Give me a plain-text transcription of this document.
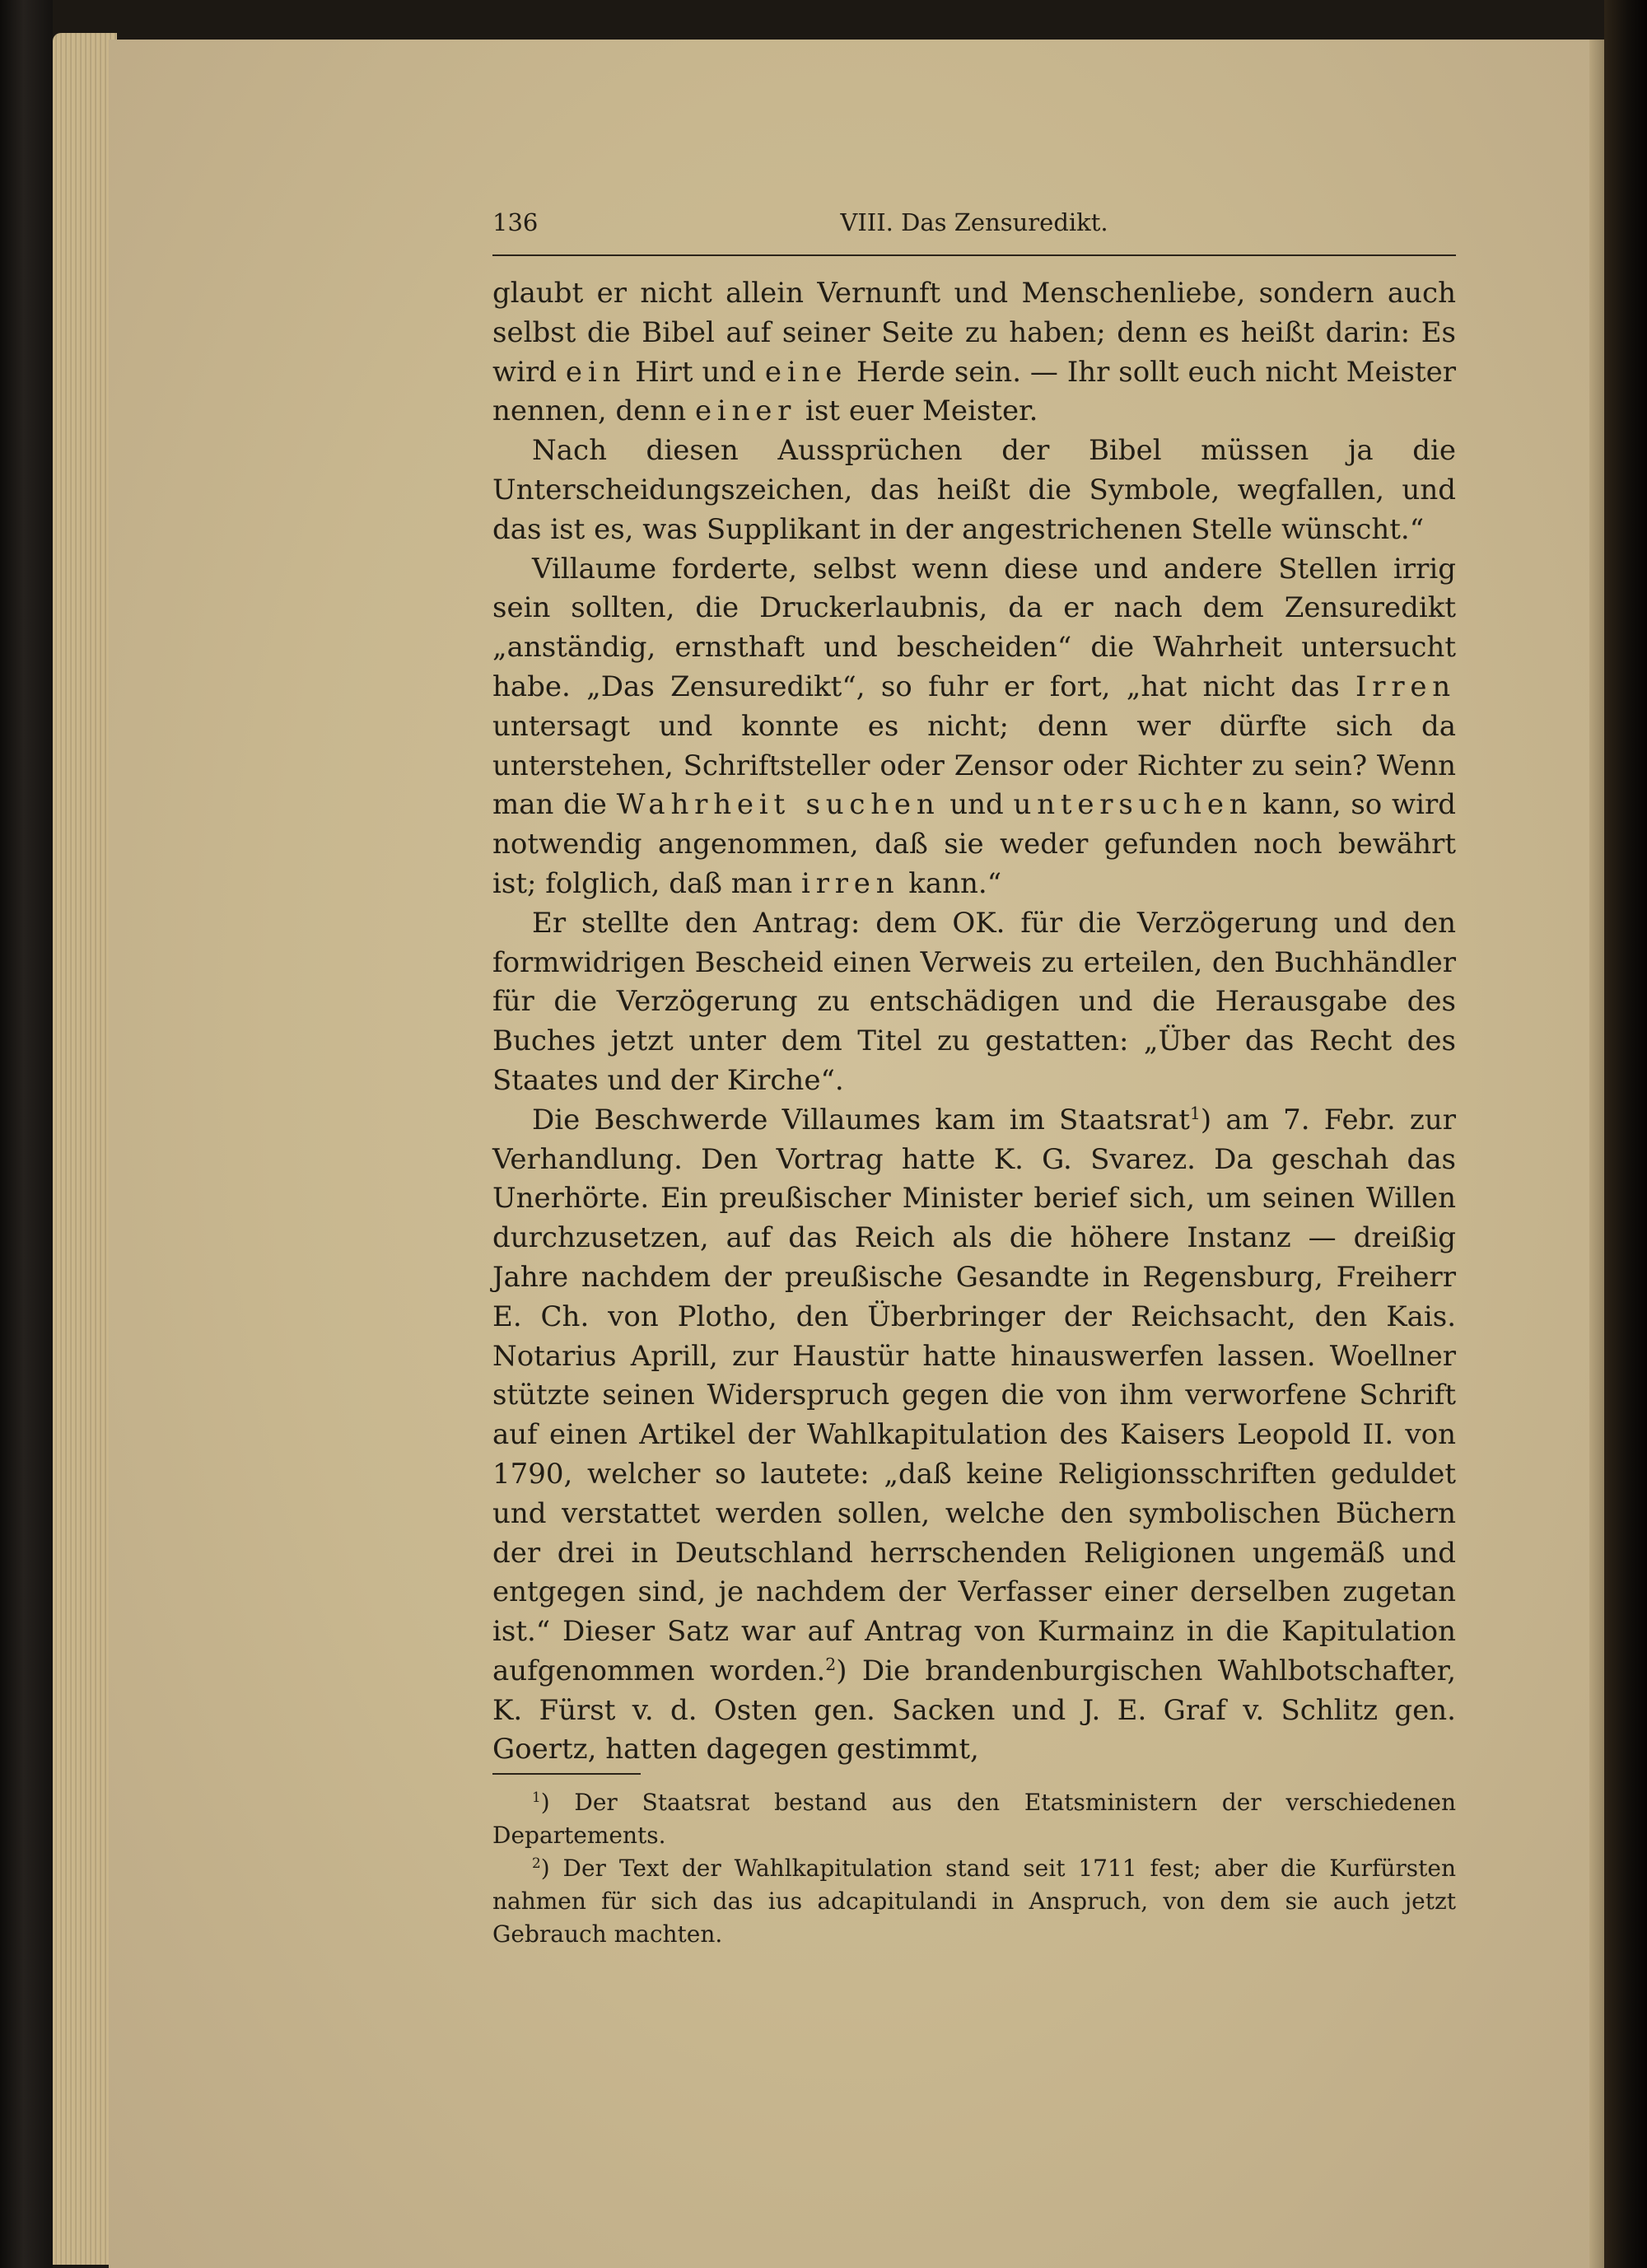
136	VIII. Das Zensuredikt.

glaubt er nicht allein Vernunft und Menschenliebe, sondern auch selbst die Bibel auf seiner Seite zu haben; denn es heißt darin: Es wird ein Hirt und eine Herde sein. — Ihr sollt euch nicht Meister nennen, denn einer ist euer Meister.

Nach diesen Aussprüchen der Bibel müssen ja die Unterscheidungszeichen, das heißt die Symbole, wegfallen, und das ist es, was Supplikant in der angestrichenen Stelle wünscht.“

Villaume forderte, selbst wenn diese und andere Stellen irrig sein sollten, die Druckerlaubnis, da er nach dem Zensuredikt „anständig, ernsthaft und bescheiden“ die Wahrheit untersucht habe. „Das Zensuredikt“, so fuhr er fort, „hat nicht das Irren untersagt und konnte es nicht; denn wer dürfte sich da unterstehen, Schriftsteller oder Zensor oder Richter zu sein? Wenn man die Wahrheit suchen und untersuchen kann, so wird notwendig angenommen, daß sie weder gefunden noch bewährt ist; folglich, daß man irren kann.“

Er stellte den Antrag: dem OK. für die Verzögerung und den formwidrigen Bescheid einen Verweis zu erteilen, den Buchhändler für die Verzögerung zu entschädigen und die Herausgabe des Buches jetzt unter dem Titel zu gestatten: „Über das Recht des Staates und der Kirche“.

Die Beschwerde Villaumes kam im Staatsrat$^1$) am 7. Febr. zur Verhandlung. Den Vortrag hatte K. G. Svarez. Da geschah das Unerhörte. Ein preußischer Minister berief sich, um seinen Willen durchzusetzen, auf das Reich als die höhere Instanz — dreißig Jahre nachdem der preußische Gesandte in Regensburg, Freiherr E. Ch. von Plotho, den Überbringer der Reichsacht, den Kais. Notarius Aprill, zur Haustür hatte hinauswerfen lassen. Woellner stützte seinen Widerspruch gegen die von ihm verworfene Schrift auf einen Artikel der Wahlkapitulation des Kaisers Leopold II. von 1790, welcher so lautete: „daß keine Religionsschriften geduldet und verstattet werden sollen, welche den symbolischen Büchern der drei in Deutschland herrschenden Religionen ungemäß und entgegen sind, je nachdem der Verfasser einer derselben zugetan ist.“ Dieser Satz war auf Antrag von Kurmainz in die Kapitulation aufgenommen worden.$^2$) Die brandenburgischen Wahlbotschafter, K. Fürst v. d. Osten gen. Sacken und J. E. Graf v. Schlitz gen. Goertz, hatten dagegen gestimmt,

$^1$) Der Staatsrat bestand aus den Etatsministern der verschiedenen Departements.

$^2$) Der Text der Wahlkapitulation stand seit 1711 fest; aber die Kurfürsten nahmen für sich das ius adcapitulandi in Anspruch, von dem sie auch jetzt Gebrauch machten.
